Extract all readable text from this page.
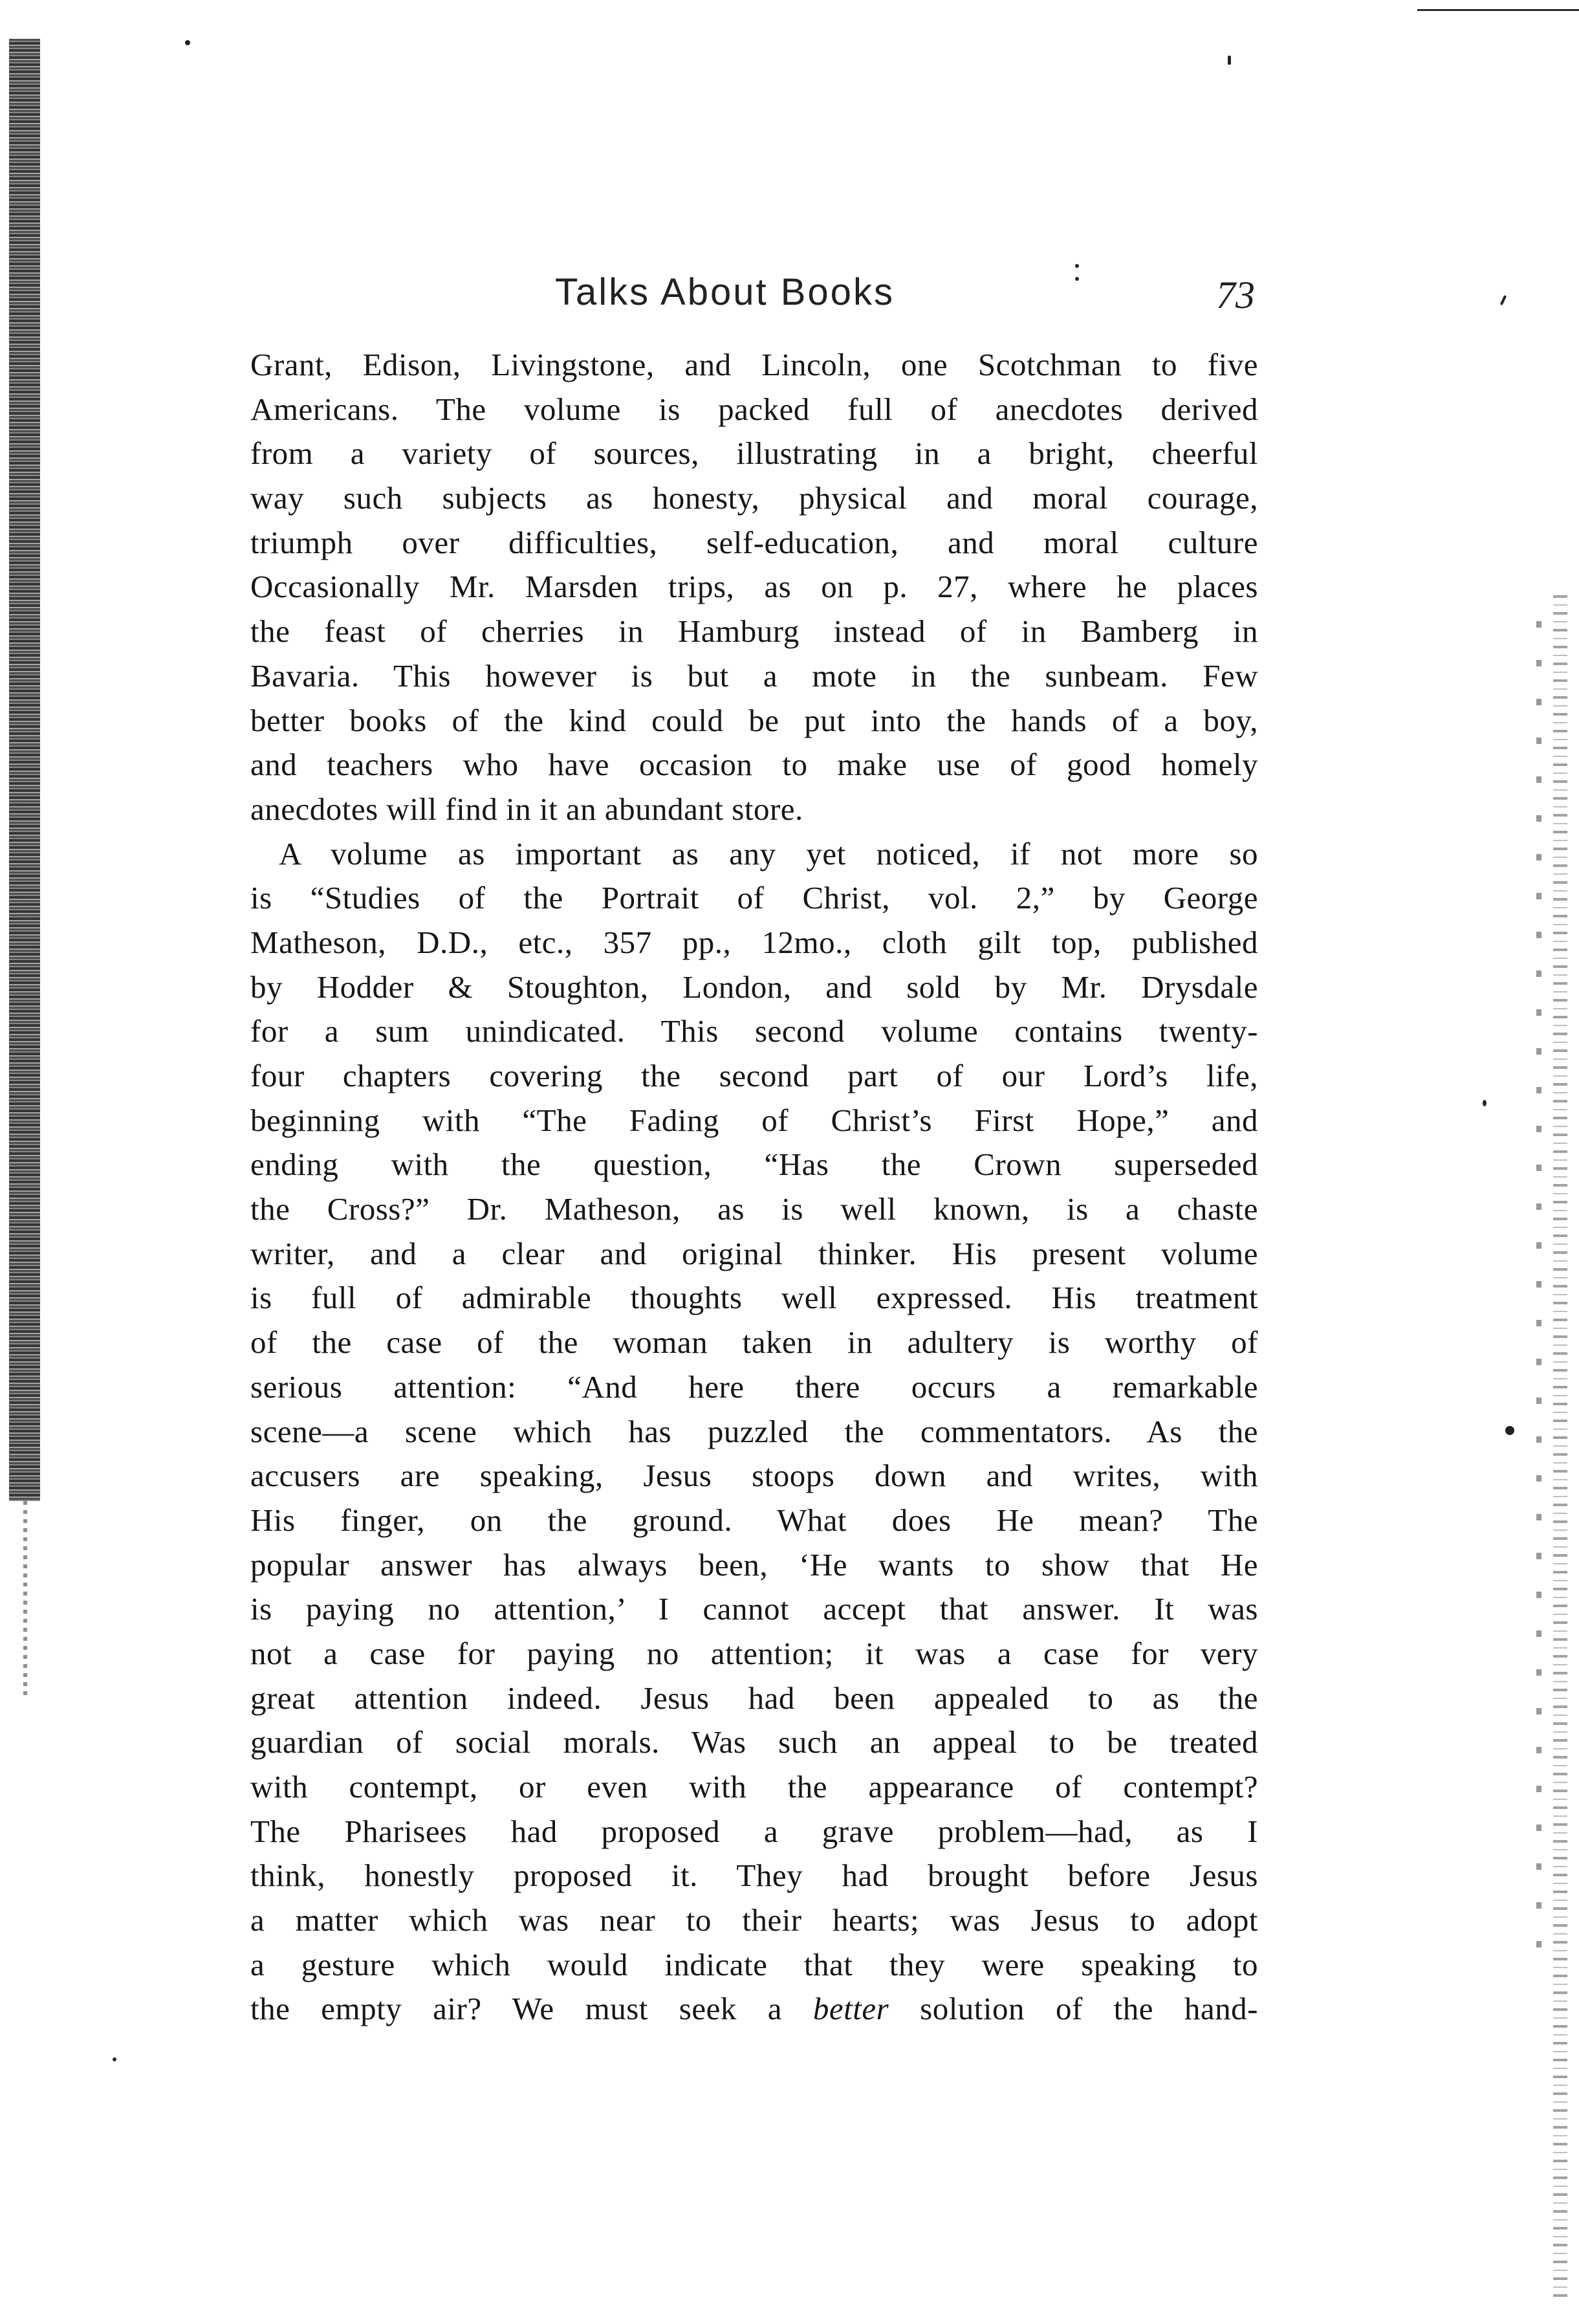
Talks About Books	73
Grant, Edison, Livingstone, and Lincoln, one Scotchman to five
Americans. The volume is packed full of anecdotes derived
from a variety of sources, illustrating in a bright, cheerful
way such subjects as honesty, physical and moral courage,
triumph over difficulties, self-education, and moral culture
Occasionally Mr. Marsden trips, as on p. 27, where he places
the feast of cherries in Hamburg instead of in Bamberg in
Bavaria. This however is but a mote in the sunbeam. Few
better books of the kind could be put into the hands of a boy,
and teachers who have occasion to make use of good homely
anecdotes will find in it an abundant store.
A volume as important as any yet noticed, if not more so
is “Studies of the Portrait of Christ, vol. 2,” by George
Matheson, D.D., etc., 357 pp., 12mo., cloth gilt top, published
by Hodder & Stoughton, London, and sold by Mr. Drysdale
for a sum unindicated. This second volume contains twenty-
four chapters covering the second part of our Lord’s life,
beginning with “The Fading of Christ’s First Hope,” and
ending with the question, “Has the Crown superseded
the Cross?” Dr. Matheson, as is well known, is a chaste
writer, and a clear and original thinker. His present volume
is full of admirable thoughts well expressed. His treatment
of the case of the woman taken in adultery is worthy of
serious attention: “And here there occurs a remarkable
scene—a scene which has puzzled the commentators. As the
accusers are speaking, Jesus stoops down and writes, with
His finger, on the ground. What does He mean? The
popular answer has always been, ‘He wants to show that He
is paying no attention,’ I cannot accept that answer. It was
not a case for paying no attention; it was a case for very
great attention indeed. Jesus had been appealed to as the
guardian of social morals. Was such an appeal to be treated
with contempt, or even with the appearance of contempt?
The Pharisees had proposed a grave problem—had, as I
think, honestly proposed it. They had brought before Jesus
a matter which was near to their hearts; was Jesus to adopt
a gesture which would indicate that they were speaking to
the empty air? We must seek a better solution of the hand-
